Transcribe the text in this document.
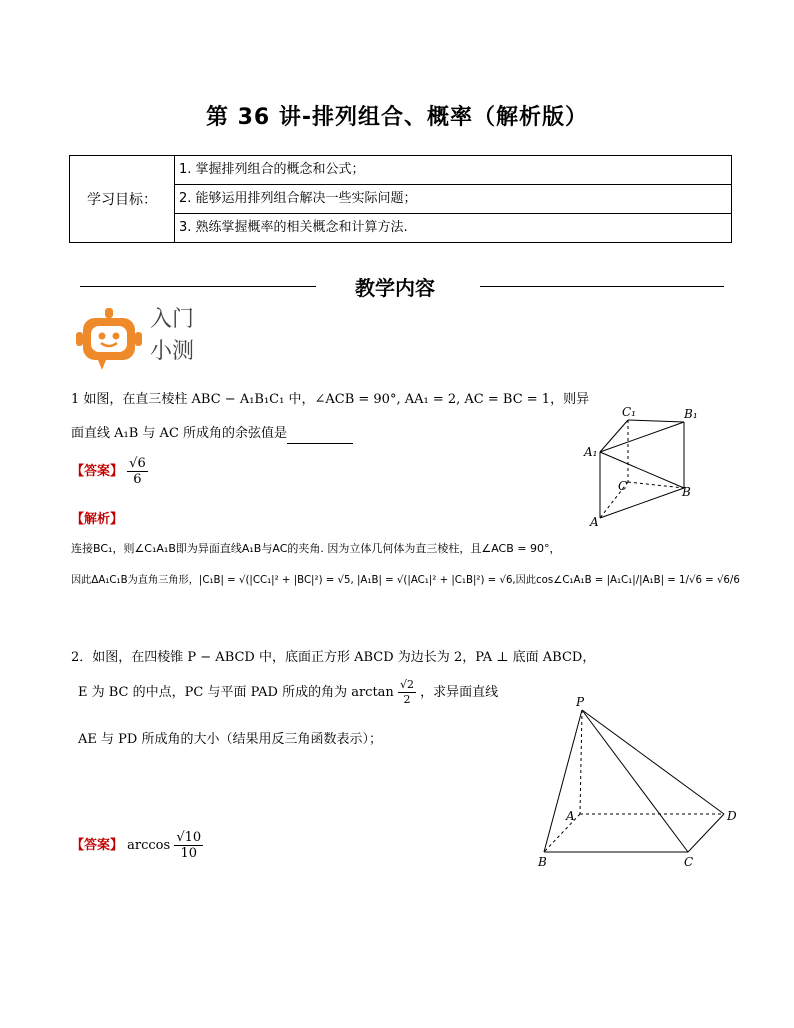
第 36 讲-排列组合、概率（解析版）
学习目标：	1. 掌握排列组合的概念和公式；
2. 能够运用排列组合解决一些实际问题；
3. 熟练掌握概率的相关概念和计算方法.
教学内容
入门
小测
1 如图，在直三棱柱 ABC − A₁B₁C₁ 中，∠ACB = 90°, AA₁ = 2, AC = BC = 1，则异
面直线 A₁B 与 AC 所成角的余弦值是
【答案】 $\frac{√6}{6}$
【解析】
连接BC₁，则∠C₁A₁B即为异面直线A₁B与AC的夹角. 因为立体几何体为直三棱柱，且∠ACB = 90°，
因此ΔA₁C₁B为直角三角形，|C₁B| = √(|CC₁|² + |BC|²) = √5, |A₁B| = √(|AC₁|² + |C₁B|²) = √6,因此cos∠C₁A₁B = |A₁C₁|/|A₁B| = 1/√6 = √6/6
C₁	B₁
A₁
C	B
A
2．如图，在四棱锥 P − ABCD 中，底面正方形 ABCD 为边长为 2，PA ⊥ 底面 ABCD，
E 为 BC 的中点，PC 与平面 PAD 所成的角为 $\arctan \frac{√2}{2}$ ，求异面直线
AE 与 PD 所成角的大小（结果用反三角函数表示）；
【答案】 $\arccos \frac{√10}{10}$
P
A	D
B	C
